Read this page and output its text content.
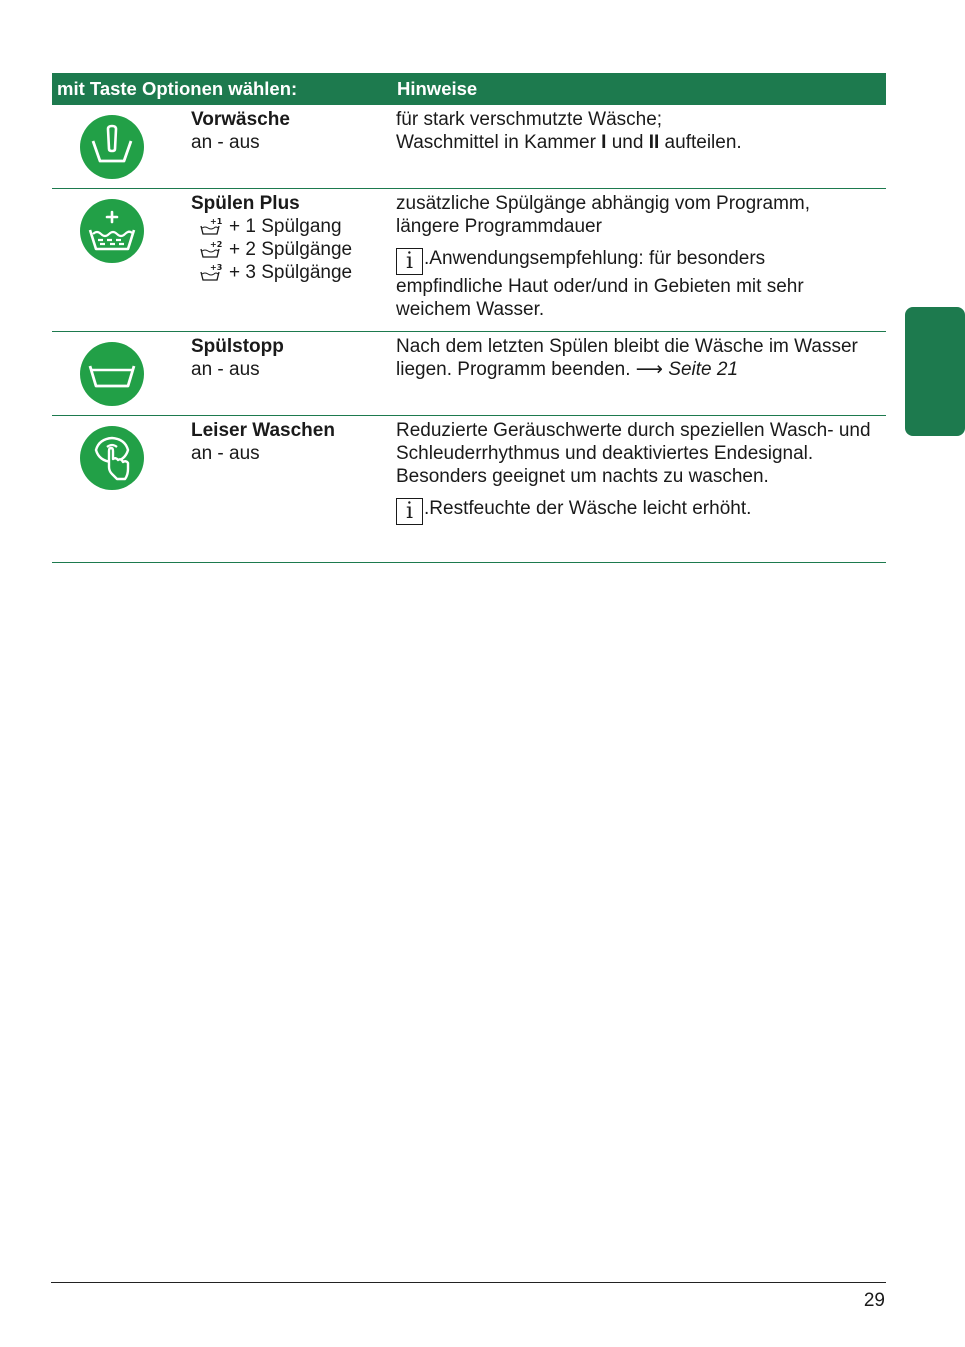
mit Taste Optionen wählen:	Hinweise
Vorwäsche
an - aus
für stark verschmutzte Wäsche;
Waschmittel in Kammer I und II aufteilen.
Spülen Plus
+1 + 1 Spülgang
+2 + 2 Spülgänge
+3 + 3 Spülgänge
zusätzliche Spülgänge abhängig vom Programm, längere Programmdauer
i .Anwendungsempfehlung: für besonders empfindliche Haut oder/und in Gebieten mit sehr weichem Wasser.
Spülstopp
an - aus
Nach dem letzten Spülen bleibt die Wäsche im Wasser liegen. Programm beenden. ⟶ Seite 21
Leiser Waschen
an - aus
Reduzierte Geräuschwerte durch speziellen Wasch- und Schleuderrhythmus und deaktiviertes Endesignal. Besonders geeignet um nachts zu waschen.
i .Restfeuchte der Wäsche leicht erhöht.
29
